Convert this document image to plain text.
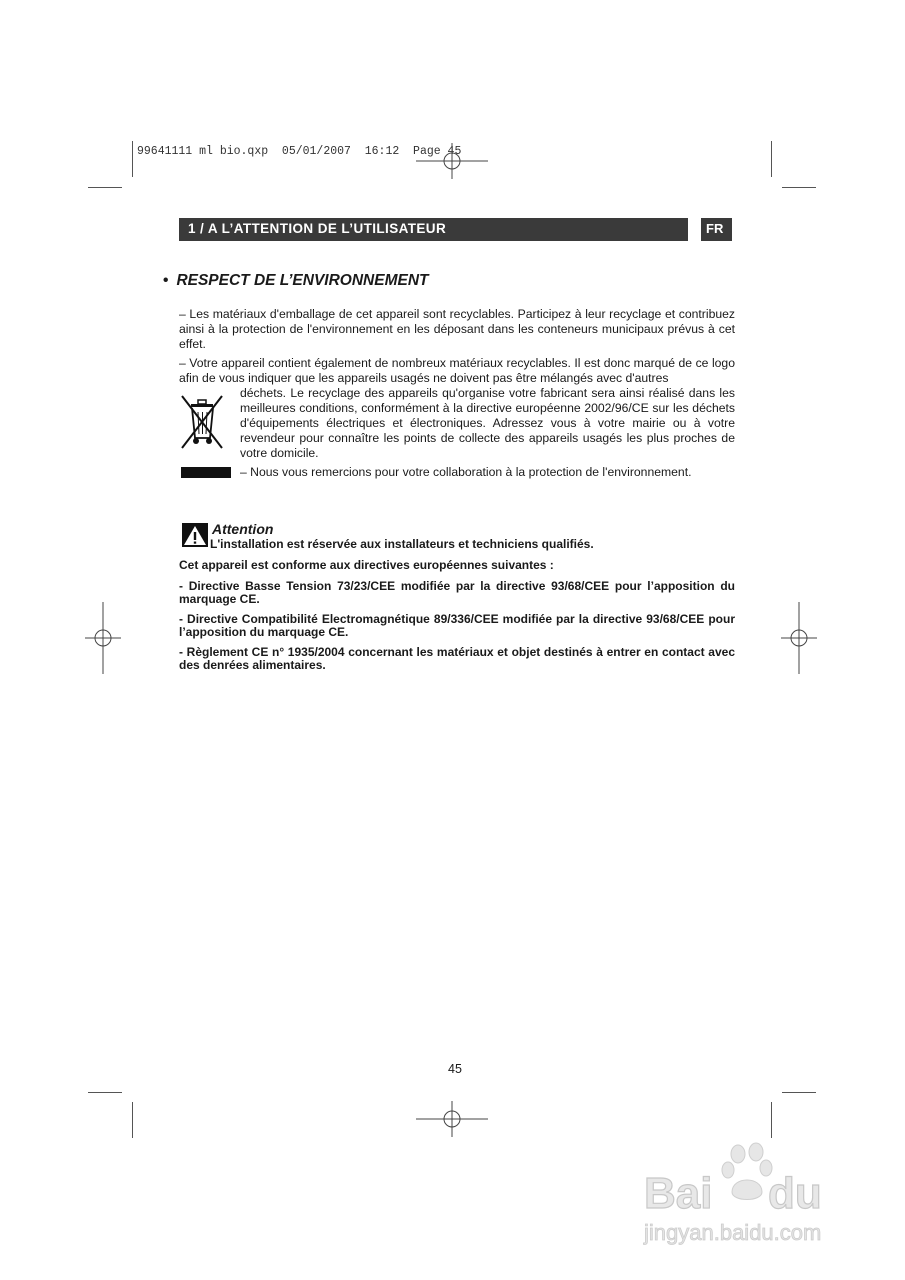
99641111 ml bio.qxp  05/01/2007  16:12  Page 45
1 / A L’ATTENTION DE L’UTILISATEUR	FR
• RESPECT DE L’ENVIRONNEMENT
– Les matériaux d'emballage de cet appareil sont recyclables. Participez à leur recyclage et contribuez ainsi à la protection de l'environnement en les déposant dans les conteneurs municipaux prévus à cet effet.
– Votre appareil contient également de nombreux matériaux recyclables. Il est donc marqué de ce logo afin de vous indiquer que les appareils usagés ne doivent pas être mélangés avec d'autres
déchets. Le recyclage des appareils qu'organise votre fabricant sera ainsi réalisé dans les meilleures conditions, conformément à la directive européenne 2002/96/CE sur les déchets d'équipements électriques et électroniques. Adressez vous à votre mairie ou à votre revendeur pour connaître les points de collecte des appareils usagés les plus proches de votre domicile.
– Nous vous remercions pour votre collaboration à la protection de l'environnement.
Attention
L'installation est réservée aux installateurs et techniciens qualifiés.
Cet appareil est conforme aux directives européennes suivantes :
- Directive Basse Tension 73/23/CEE modifiée par la directive 93/68/CEE pour l’apposition du marquage CE.
- Directive Compatibilité Electromagnétique 89/336/CEE modifiée par la directive 93/68/CEE pour l’apposition du marquage CE.
- Règlement CE n° 1935/2004 concernant les matériaux et objet destinés à entrer en contact avec des denrées alimentaires.
45
Bai du
jingyan.baidu.com
